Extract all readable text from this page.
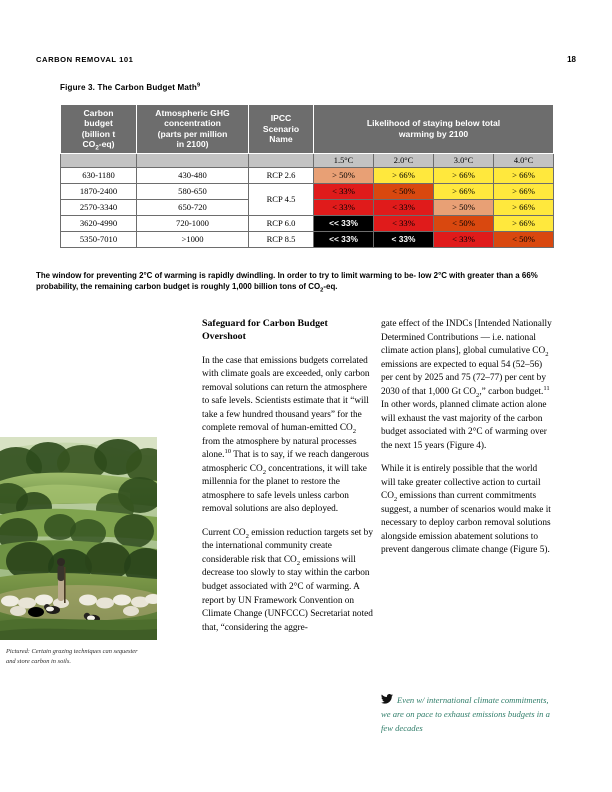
CARBON REMOVAL 101	18
Figure 3. The Carbon Budget Math$^9$
Carbon
budget
(billion t
$CO_2-eq$)	Atmospheric GHG
concentration
(parts per million
in 2100)	IPCC
Scenario
Name	Likelihood of staying below total
warming by 2100			
			1.5°C	2.0°C	3.0°C	4.0°C
630-1180	430-480	RCP 2.6	> 50%	> 66%	> 66%	> 66%
1870-2400	580-650	RCP 4.5	< 33%	< 50%	> 66%	> 66%
2570-3340	650-720		< 33%	< 33%	> 50%	> 66%
3620-4990	720-1000	RCP 6.0	<< 33%	< 33%	< 50%	> 66%
5350-7010	>1000	RCP 8.5	<< 33%	< 33%	< 33%	< 50%
The window for preventing 2°C of warming is rapidly dwindling. In order to try to limit warming to be- low 2°C with greater than a 66% probability, the remaining carbon budget is roughly 1,000 billion tons of $CO_2-eq$.
Safeguard for Carbon Budget Overshoot

In the case that emissions budgets correlated with climate goals are exceeded, only carbon removal solutions can return the atmosphere to safe levels. Scientists estimate that it “will take a few hundred thousand years” for the complete removal of human-emitted $CO_2$ from the atmosphere by natural processes alone.$^{10}$ That is to say, if we reach dangerous atmospheric $CO_2$ concentrations, it will take millennia for the planet to restore the atmosphere to safe levels unless carbon removal solutions are also deployed.

Current $CO_2$ emission reduction targets set by the international community create considerable risk that $CO_2$ emissions will decrease too slowly to stay within the carbon budget associated with 2°C of warming. A report by UN Framework Convention on Climate Change (UNFCCC) Secretariat noted that, “considering the aggre-

gate effect of the INDCs [Intended Nationally Determined Contributions — i.e. national climate action plans], global cumulative $CO_2$ emissions are expected to equal 54 (52–56) per cent by 2025 and 75 (72–77) per cent by 2030 of that 1,000 Gt $CO_2$,” carbon budget.$^{11}$ In other words, planned climate action alone will exhaust the vast majority of the carbon budget associated with 2°C of warming over the next 15 years (Figure 4).

While it is entirely possible that the world will take greater collective action to curtail $CO_2$ emissions than current commitments suggest, a number of scenarios would make it necessary to deploy carbon removal solutions alongside emission abatement solutions to prevent dangerous climate change (Figure 5).

Pictured: Certain grazing techniques can sequester and store carbon in soils.
Even w/ international climate commitments, we are on pace to exhaust emissions budgets in a few decades
